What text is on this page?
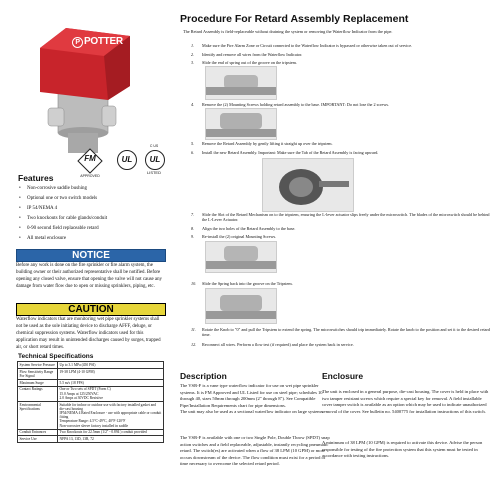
P POTTER
FM
APPROVED
UL	UL
C US
LISTED
Procedure For Retard Assembly Replacement
The Retard Assembly is field-replaceable without draining the system or removing the Waterflow Indicator from the pipe.
1. Make sure the Fire Alarm Zone or Circuit connected to the Waterflow Indicator is bypassed or otherwise taken out of service.
2. Identify and remove all wires from the Waterflow Indicator.
3. Slide the end of spring out of the groove on the tripstem.
4. Remove the (2) Mounting Screws holding retard assembly to the base. IMPORTANT: Do not lose the 2 screws.
5. Remove the Retard Assembly by gently lifting it straight up over the tripstem.
6. Install the new Retard Assembly. Important: Make sure the Tab of the Retard Assembly is facing upward.
7. Slide the Slot of the Retard Mechanism on to the tripstem, ensuring the L-lever actuator slips freely under the microswitch. The blades of the microswitch should be behind the L-Lever Actuator.
8. Align the two holes of the Retard Assembly to the base.
9. Re-install the (2) original Mounting Screws.
10. Slide the Spring back into the groove on the Tripstem.
11. Rotate the Knob to "0" and pull the Tripstem to extend the spring. The microswitches should trip immediately. Rotate the knob to the position and set it to the desired retard time.
12. Reconnect all wires. Perform a flow test (if required) and place the system back in service.
Features
• Non-corrosive saddle bushing
• Optional one or two switch models
• IP 54/NEMA 4
• Two knockouts for cable glands/conduit
• 0-90 second field replaceable retard
• All metal enclosure
NOTICE
Before any work is done on the fire sprinkler or fire alarm system, the building owner or their authorized representative shall be notified. Before opening any closed valve, ensure that opening the valve will not cause any damage from water flow due to open or missing sprinklers, piping, etc.
CAUTION
Waterflow indicators that are monitoring wet pipe sprinkler systems shall not be used as the sole initiating device to discharge AFFF, deluge, or chemical suppression systems. Waterflow indicators used for this application may result in unintended discharges caused by surges, trapped air, or short retard times.
Technical Specifications
System Service Pressure	Up to 3.1 MPa (450 PSI)
Flow Sensitivity Range For Signal	19-38 LPM (4-10 GPM)
Maximum Surge	5.5 m/s (18 FPS)
Contact Ratings	One or Two sets of SPDT (Form C)
15.0 Amps at 125/250VAC
2.0 Amps at 30VDC Resistive
Environmental Specifications	Suitable for indoor or outdoor use with factory installed gasket and die-cast housing
IP54/NEMA 4 Rated Enclosure - use with appropriate cable or conduit fitting
Temperature Range: 4.5°C-49°C, 40°F-120°F
Non-corrosive sleeve factory installed in saddle
Conduit Entrances	Two Knockouts for 22.5mm (1/2" - 0.894 ) conduit provided
Service Use	NFPA 13, 13D, 13R, 72
Description
The VSR-F is a vane type waterflow indicator for use on wet pipe sprinkler systems. It is FM Approved and UL Listed for use on steel pipe; schedules 10 through 40, sizes 50mm through 200mm (2" through 8"). See Compatible Pipe/Installation Requirements chart for pipe dimensions.
The unit may also be used as a sectional waterflow indicator on large systems.
The VSR-F is available with one or two Single Pole, Double Throw (SPDT) snap action switches and a field replaceable, adjustable, instantly recycling pneumatic retard. The switch(es) are activated when a flow of 38 LPM (10 GPM) or more occurs downstream of the device. The flow condition must exist for a period of time necessary to overcome the selected retard period.
Enclosure
The unit is enclosed in a general purpose, die-cast housing. The cover is held in place with two tamper resistant screws which require a special key for removal. A field installable cover tamper switch is available as an option which may be used to indicate unauthorized removal of the cover. See bulletin no. 5400775 for installation instructions of this switch.
A minimum of 38 LPM (10 GPM) is required to activate this device. Advise the person responsible for testing of the fire protection system that this system must be tested in accordance with testing instructions.
